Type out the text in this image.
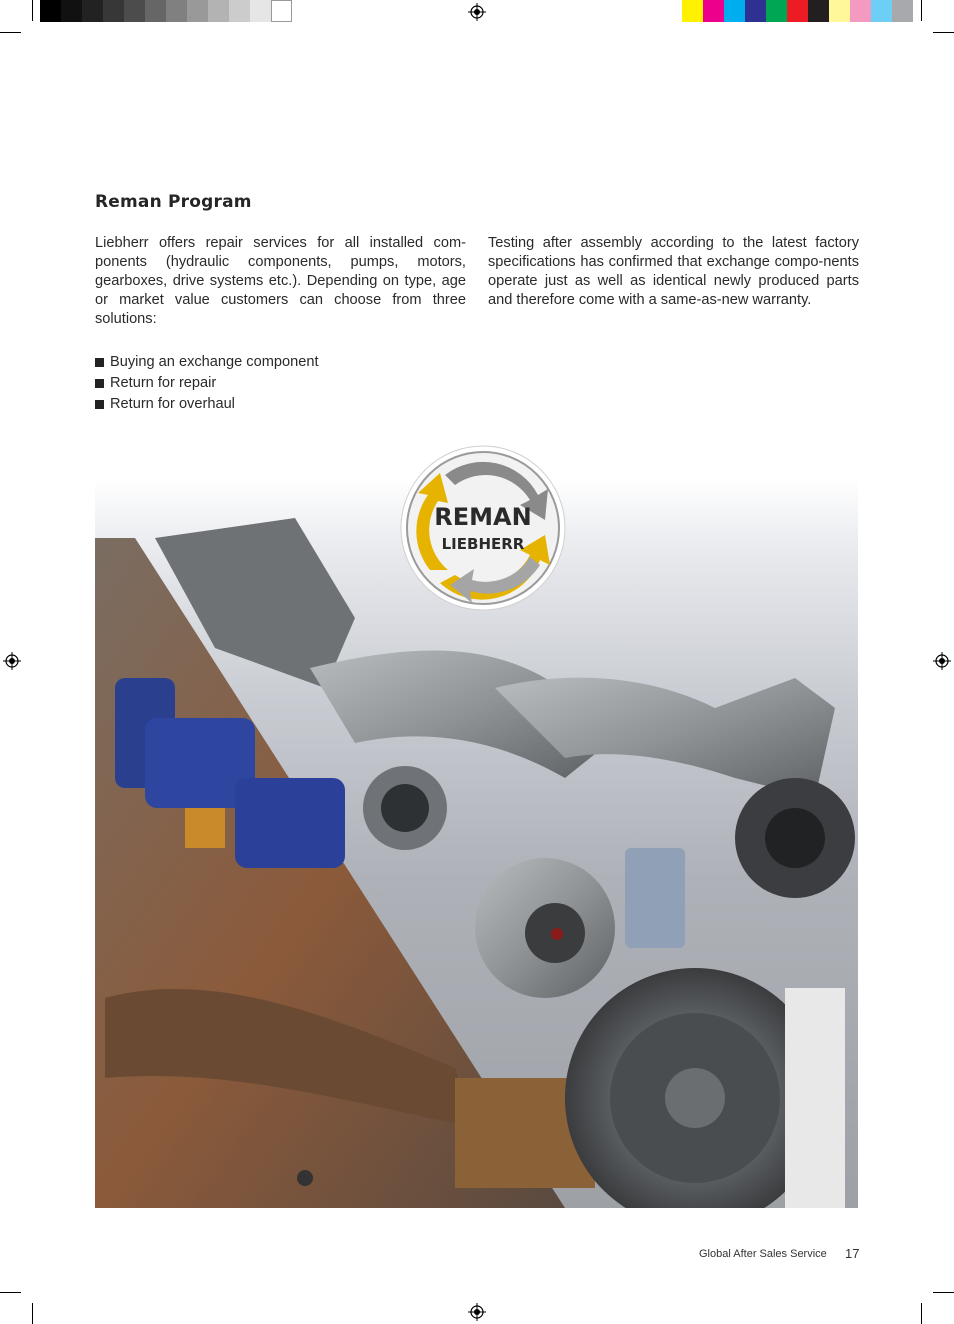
Reman Program

Liebherr offers repair services for all installed com-ponents (hydraulic components, pumps, motors, gearboxes, drive systems etc.). Depending on type, age or market value customers can choose from three solutions:

Testing after assembly according to the latest factory specifications has confirmed that exchange compo-nents operate just as well as identical newly produced parts and therefore come with a same-as-new warranty.

Buying an exchange component
Return for repair
Return for overhaul
REMAN
LIEBHERR
Global After Sales Service 17
